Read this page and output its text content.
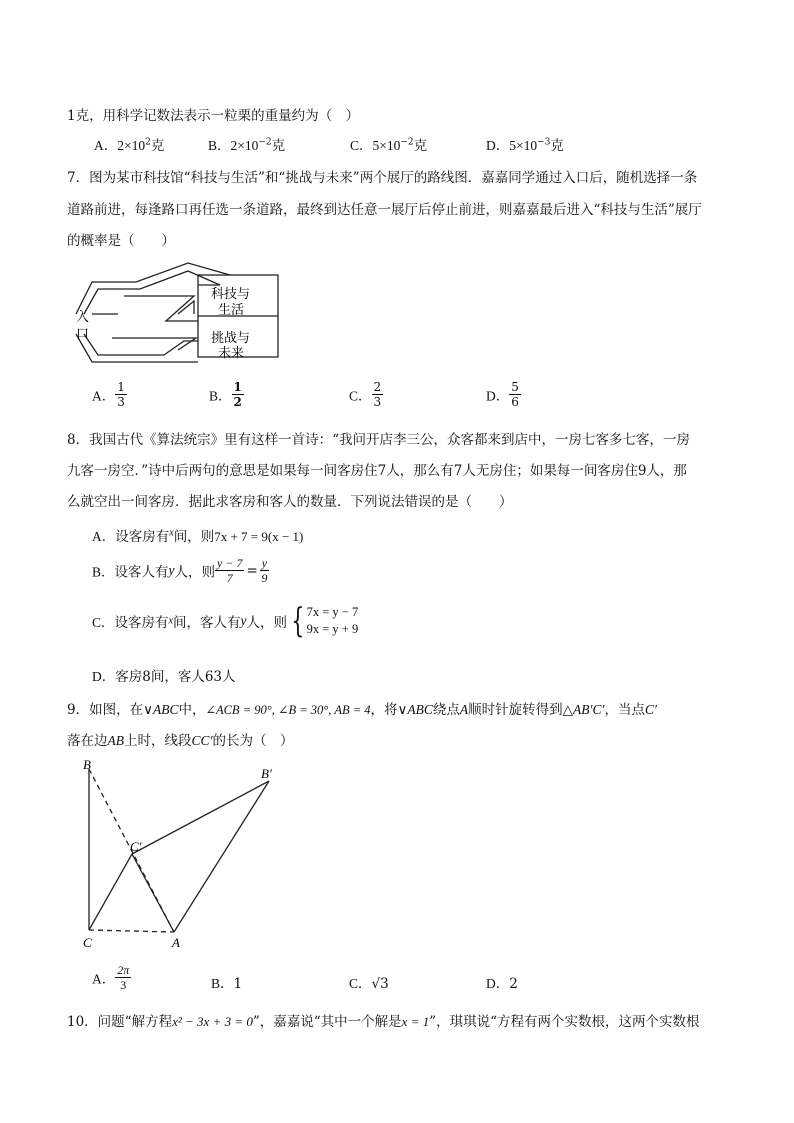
1克，用科学记数法表示一粒栗的重量约为（　）
A．$2\times 10^2$克	B．$2\times 10^{-2}$克	C．$5\times 10^{-2}$克	D．$5\times 10^{-3}$克
7．图为某市科技馆“科技与生活”和“挑战与未来”两个展厅的路线图．嘉嘉同学通过入口后，随机选择一条
道路前进，每逢路口再任选一条道路，最终到达任意一展厅后停止前进，则嘉嘉最后进入“科技与生活”展厅
的概率是（　　）
入
口
科技与
生活
挑战与
未来
A． $\frac{1}{3}$	B． $\frac{1}{2}$	C． $\frac{2}{3}$	D． $\frac{5}{6}$
8．我国古代《算法统宗》里有这样一首诗：“我问开店李三公，众客都来到店中，一房七客多七客，一房
九客一房空．”诗中后两句的意思是如果每一间客房住7人，那么有7人无房住；如果每一间客房住9人，那
么就空出一间客房．据此求客房和客人的数量．下列说法错误的是（　　）
A．设客房有$^x$间，则7x + 7 = 9(x − 1)
B．设客人有y人，则 $\frac{y - 7}{7} = \frac{y}{9}$
C．设客房有x间，客人有y人，则 { 7x = y − 7
9x = y + 9
D．客房8间，客人63人
9．如图，在∨ABC中，∠ACB = 90°, ∠B = 30°, AB = 4，将∨ABC绕点A顺时针旋转得到△AB′C′，当点C′
落在边AB上时，线段CC′的长为（　）
B
B′
C′
C	A
A． $\frac{2\pi}{3}$	B．1	C．√3	D．2
10．问题“解方程x² − 3x + 3 = 0”，嘉嘉说“其中一个解是x = 1”，琪琪说“方程有两个实数根，这两个实数根
